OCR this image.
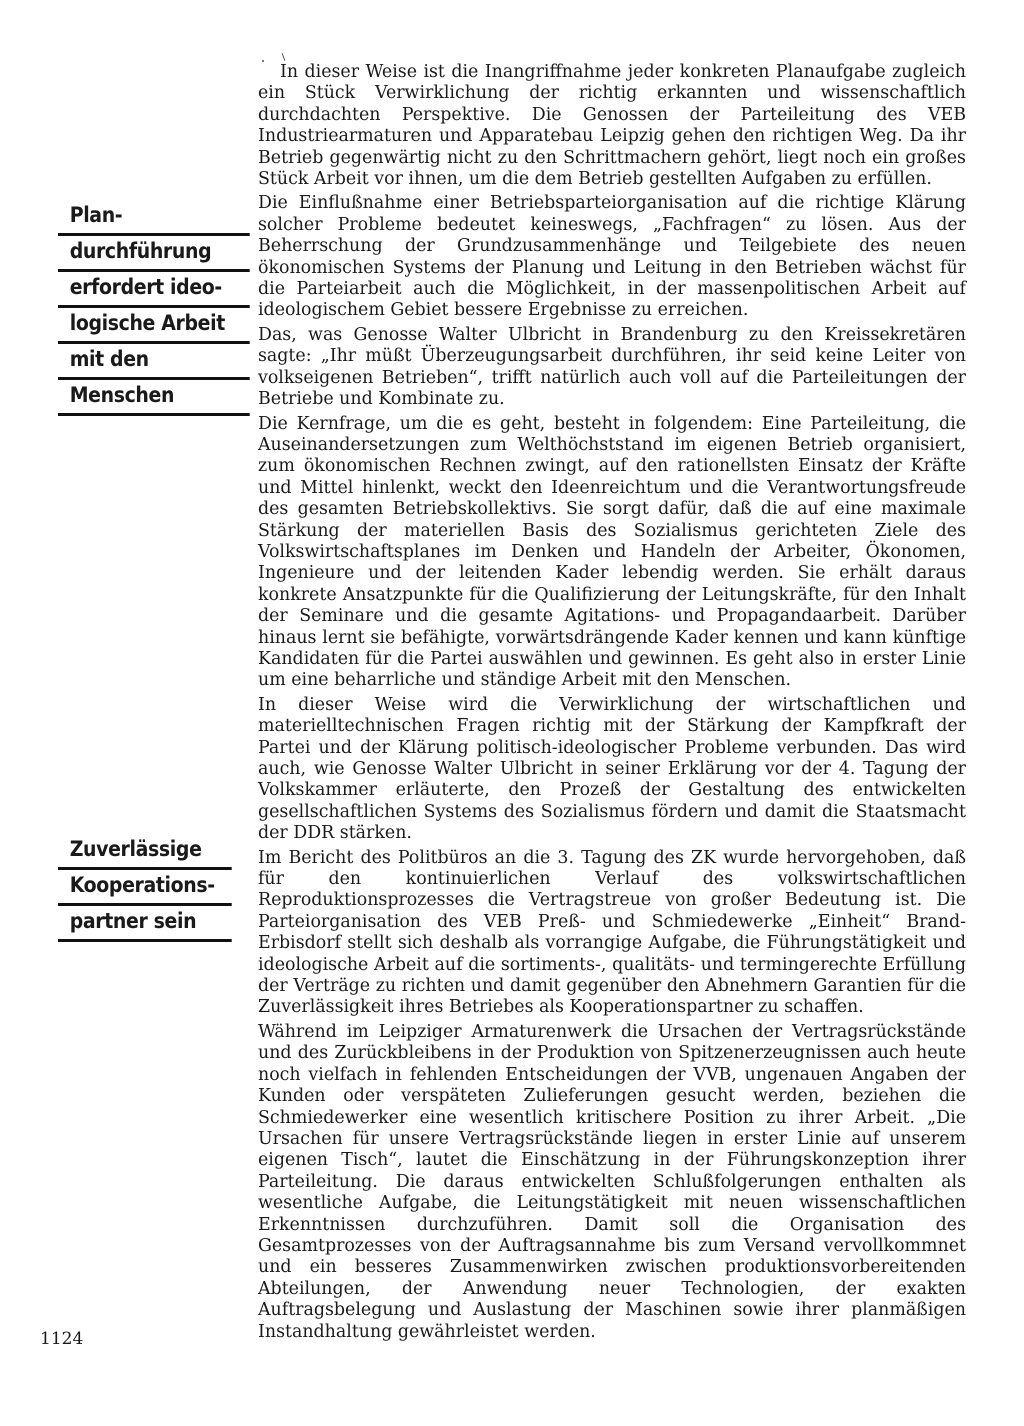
Plan-
durchführung
erfordert ideo-
logische Arbeit
mit den
Menschen
Zuverlässige
Kooperations-
partner sein

In dieser Weise ist die Inangriffnahme jeder konkreten Planaufgabe zugleich ein Stück Verwirklichung der richtig erkannten und wissenschaftlich durchdachten Perspektive. Die Genossen der Parteileitung des VEB Industriearmaturen und Apparatebau Leipzig gehen den richtigen Weg. Da ihr Betrieb gegenwärtig nicht zu den Schrittmachern gehört, liegt noch ein großes Stück Arbeit vor ihnen, um die dem Betrieb gestellten Aufgaben zu erfüllen.

Die Einflußnahme einer Betriebsparteiorganisation auf die richtige Klärung solcher Probleme bedeutet keineswegs, „Fachfragen“ zu lösen. Aus der Beherrschung der Grundzusammenhänge und Teilgebiete des neuen ökonomischen Systems der Planung und Leitung in den Betrieben wächst für die Parteiarbeit auch die Möglichkeit, in der massenpolitischen Arbeit auf ideologischem Gebiet bessere Ergebnisse zu erreichen.

Das, was Genosse Walter Ulbricht in Brandenburg zu den Kreissekretären sagte: „Ihr müßt Überzeugungsarbeit durchführen, ihr seid keine Leiter von volkseigenen Betrieben“, trifft natürlich auch voll auf die Parteileitungen der Betriebe und Kombinate zu.

Die Kernfrage, um die es geht, besteht in folgendem: Eine Parteileitung, die Auseinandersetzungen zum Welthöchststand im eigenen Betrieb organisiert, zum ökonomischen Rechnen zwingt, auf den rationellsten Einsatz der Kräfte und Mittel hinlenkt, weckt den Ideenreichtum und die Verantwortungsfreude des gesamten Betriebskollektivs. Sie sorgt dafür, daß die auf eine maximale Stärkung der materiellen Basis des Sozialismus gerichteten Ziele des Volkswirtschaftsplanes im Denken und Handeln der Arbeiter, Ökonomen, Ingenieure und der leitenden Kader lebendig werden. Sie erhält daraus konkrete Ansatzpunkte für die Qualifizierung der Leitungskräfte, für den Inhalt der Seminare und die gesamte Agitations- und Propagandaarbeit. Darüber hinaus lernt sie befähigte, vorwärtsdrängende Kader kennen und kann künftige Kandidaten für die Partei auswählen und gewinnen. Es geht also in erster Linie um eine beharrliche und ständige Arbeit mit den Menschen.

In dieser Weise wird die Verwirklichung der wirtschaftlichen und materielltechnischen Fragen richtig mit der Stärkung der Kampfkraft der Partei und der Klärung politisch-ideologischer Probleme verbunden. Das wird auch, wie Genosse Walter Ulbricht in seiner Erklärung vor der 4. Tagung der Volkskammer erläuterte, den Prozeß der Gestaltung des entwickelten gesellschaftlichen Systems des Sozialismus fördern und damit die Staatsmacht der DDR stärken.

Im Bericht des Politbüros an die 3. Tagung des ZK wurde hervorgehoben, daß für den kontinuierlichen Verlauf des volkswirtschaftlichen Reproduktionsprozesses die Vertragstreue von großer Bedeutung ist. Die Parteiorganisation des VEB Preß- und Schmiedewerke „Einheit“ Brand-Erbisdorf stellt sich deshalb als vorrangige Aufgabe, die Führungstätigkeit und ideologische Arbeit auf die sortiments-, qualitäts- und termingerechte Erfüllung der Verträge zu richten und damit gegenüber den Abnehmern Garantien für die Zuverlässigkeit ihres Betriebes als Kooperationspartner zu schaffen.

Während im Leipziger Armaturenwerk die Ursachen der Vertragsrückstände und des Zurückbleibens in der Produktion von Spitzenerzeugnissen auch heute noch vielfach in fehlenden Entscheidungen der VVB, ungenauen Angaben der Kunden oder verspäteten Zulieferungen gesucht werden, beziehen die Schmiedewerker eine wesentlich kritischere Position zu ihrer Arbeit. „Die Ursachen für unsere Vertragsrückstände liegen in erster Linie auf unserem eigenen Tisch“, lautet die Einschätzung in der Führungskonzeption ihrer Parteileitung. Die daraus entwickelten Schlußfolgerungen enthalten als wesentliche Aufgabe, die Leitungstätigkeit mit neuen wissenschaftlichen Erkenntnissen durchzuführen. Damit soll die Organisation des Gesamtprozesses von der Auftragsannahme bis zum Versand vervollkommnet und ein besseres Zusammenwirken zwischen produktionsvorbereitenden Abteilungen, der Anwendung neuer Technologien, der exakten Auftragsbelegung und Auslastung der Maschinen sowie ihrer planmäßigen Instandhaltung gewährleistet werden.

1124
